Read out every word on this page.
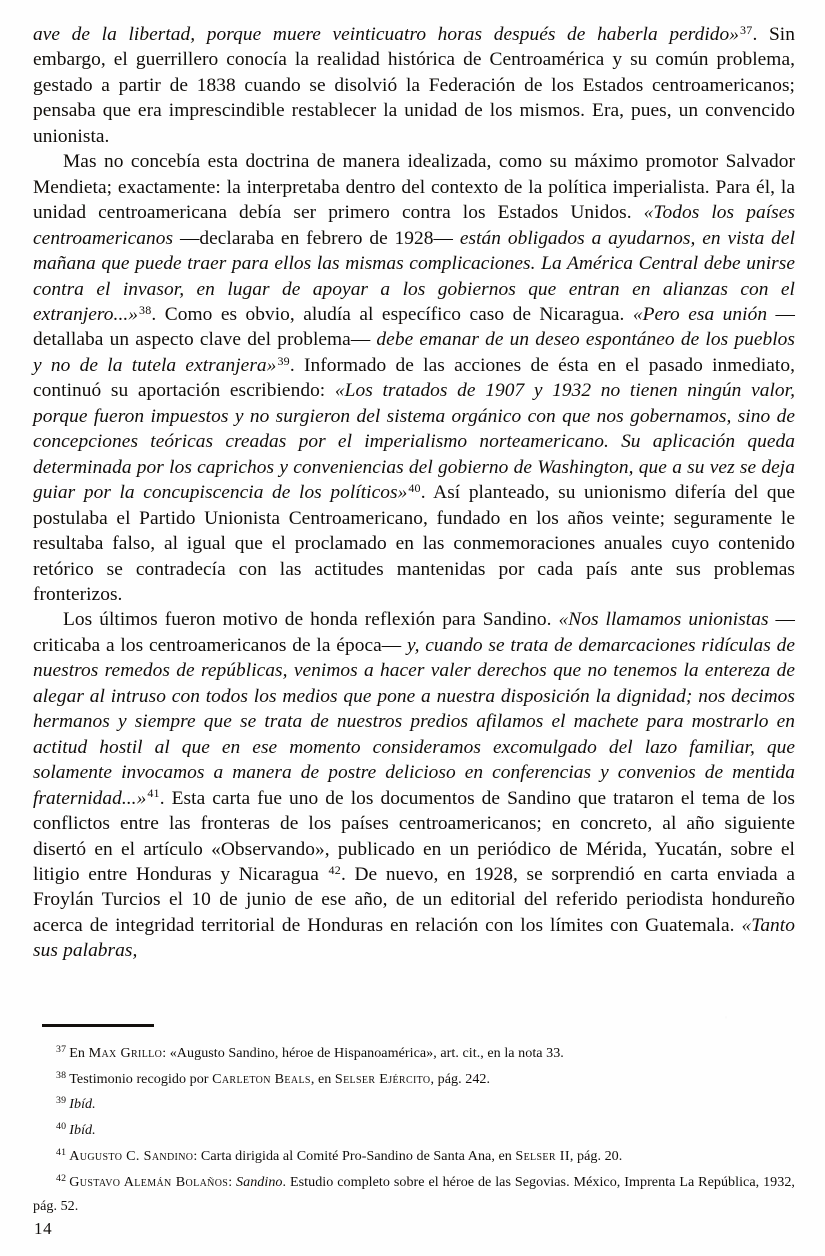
ave de la libertad, porque muere veinticuatro horas después de haberla perdido»$^{37}$. Sin embargo, el guerrillero conocía la realidad histórica de Centroamérica y su común problema, gestado a partir de 1838 cuando se disolvió la Federación de los Estados centroamericanos; pensaba que era imprescindible restablecer la unidad de los mismos. Era, pues, un convencido unionista.

Mas no concebía esta doctrina de manera idealizada, como su máximo promotor Salvador Mendieta; exactamente: la interpretaba dentro del contexto de la política imperialista. Para él, la unidad centroamericana debía ser primero contra los Estados Unidos. «Todos los países centroamericanos —declaraba en febrero de 1928— están obligados a ayudarnos, en vista del mañana que puede traer para ellos las mismas complicaciones. La América Central debe unirse contra el invasor, en lugar de apoyar a los gobiernos que entran en alianzas con el extranjero...»$^{38}$. Como es obvio, aludía al específico caso de Nicaragua. «Pero esa unión —detallaba un aspecto clave del problema— debe emanar de un deseo espontáneo de los pueblos y no de la tutela extranjera»$^{39}$. Informado de las acciones de ésta en el pasado inmediato, continuó su aportación escribiendo: «Los tratados de 1907 y 1932 no tienen ningún valor, porque fueron impuestos y no surgieron del sistema orgánico con que nos gobernamos, sino de concepciones teóricas creadas por el imperialismo norteamericano. Su aplicación queda determinada por los caprichos y conveniencias del gobierno de Washington, que a su vez se deja guiar por la concupiscencia de los políticos»$^{40}$. Así planteado, su unionismo difería del que postulaba el Partido Unionista Centroamericano, fundado en los años veinte; seguramente le resultaba falso, al igual que el proclamado en las conmemoraciones anuales cuyo contenido retórico se contradecía con las actitudes mantenidas por cada país ante sus problemas fronterizos.

Los últimos fueron motivo de honda reflexión para Sandino. «Nos llamamos unionistas —criticaba a los centroamericanos de la época— y, cuando se trata de demarcaciones ridículas de nuestros remedos de repúblicas, venimos a hacer valer derechos que no tenemos la entereza de alegar al intruso con todos los medios que pone a nuestra disposición la dignidad; nos decimos hermanos y siempre que se trata de nuestros predios afilamos el machete para mostrarlo en actitud hostil al que en ese momento consideramos excomulgado del lazo familiar, que solamente invocamos a manera de postre delicioso en conferencias y convenios de mentida fraternidad...»$^{41}$. Esta carta fue uno de los documentos de Sandino que trataron el tema de los conflictos entre las fronteras de los países centroamericanos; en concreto, al año siguiente disertó en el artículo «Observando», publicado en un periódico de Mérida, Yucatán, sobre el litigio entre Honduras y Nicaragua $^{42}$. De nuevo, en 1928, se sorprendió en carta enviada a Froylán Turcios el 10 de junio de ese año, de un editorial del referido periodista hondureño acerca de integridad territorial de Honduras en relación con los límites con Guatemala. «Tanto sus palabras,

$^{37}$ En Max Grillo: «Augusto Sandino, héroe de Hispanoamérica», art. cit., en la nota 33.

$^{38}$ Testimonio recogido por Carleton Beals, en Selser Ejército, pág. 242.

$^{39}$ Ibíd.

$^{40}$ Ibíd.

$^{41}$ Augusto C. Sandino: Carta dirigida al Comité Pro-Sandino de Santa Ana, en Selser II, pág. 20.

$^{42}$ Gustavo Alemán Bolaños: Sandino. Estudio completo sobre el héroe de las Segovias. México, Imprenta La República, 1932, pág. 52.

14
